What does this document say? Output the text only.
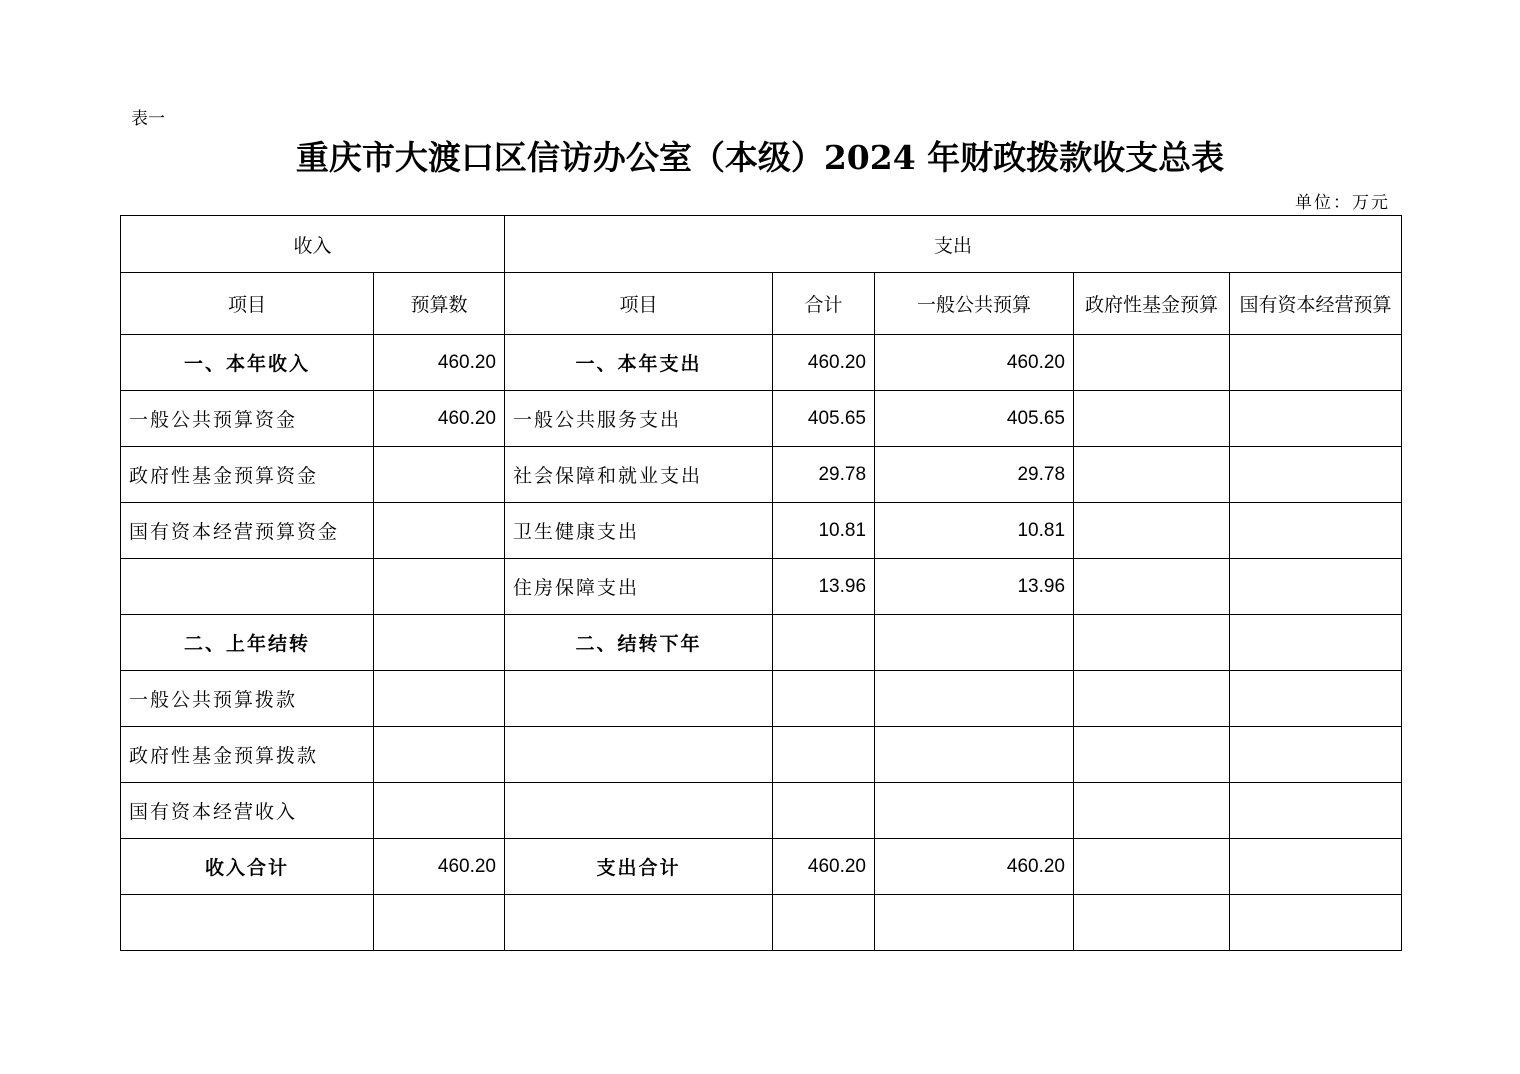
表一
重庆市大渡口区信访办公室（本级）2024 年财政拨款收支总表
单位：万元
收入		支出				
项目	预算数	项目	合计	一般公共预算	政府性基金预算	国有资本经营预算
一、本年收入	460.20	一、本年支出	460.20	460.20		
一般公共预算资金	460.20	一般公共服务支出	405.65	405.65		
政府性基金预算资金		社会保障和就业支出	29.78	29.78		
国有资本经营预算资金		卫生健康支出	10.81	10.81		
		住房保障支出	13.96	13.96		
二、上年结转		二、结转下年				
一般公共预算拨款						
政府性基金预算拨款						
国有资本经营收入						
收入合计	460.20	支出合计	460.20	460.20		
